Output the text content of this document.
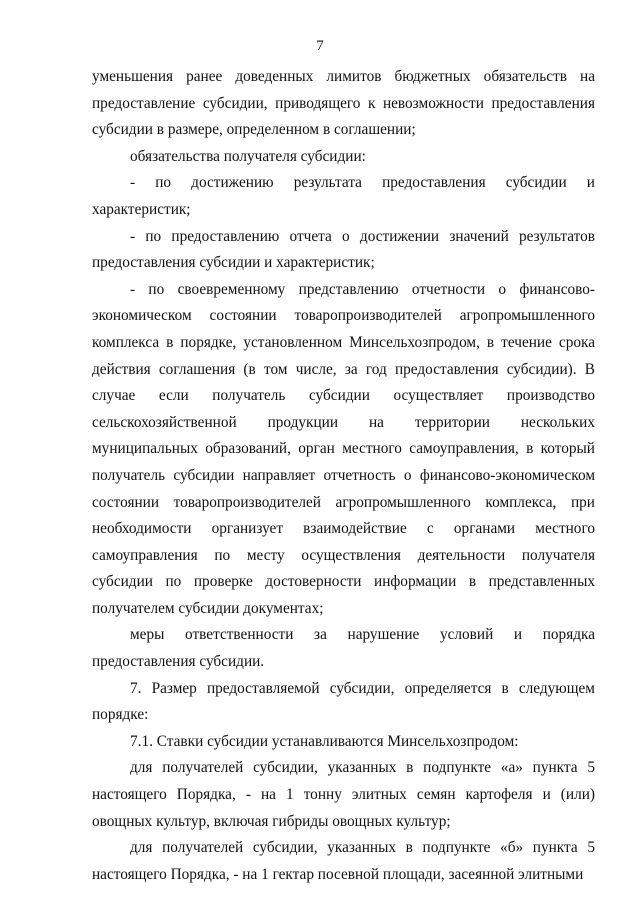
7

уменьшения ранее доведенных лимитов бюджетных обязательств на предоставление субсидии, приводящего к невозможности предоставления субсидии в размере, определенном в соглашении;

обязательства получателя субсидии:

- по достижению результата предоставления субсидии и характеристик;

- по предоставлению отчета о достижении значений результатов предоставления субсидии и характеристик;

- по своевременному представлению отчетности о финансово-экономическом состоянии товаропроизводителей агропромышленного комплекса в порядке, установленном Минсельхозпродом, в течение срока действия соглашения (в том числе, за год предоставления субсидии). В случае если получатель субсидии осуществляет производство сельскохозяйственной продукции на территории нескольких муниципальных образований, орган местного самоуправления, в который получатель субсидии направляет отчетность о финансово-экономическом состоянии товаропроизводителей агропромышленного комплекса, при необходимости организует взаимодействие с органами местного самоуправления по месту осуществления деятельности получателя субсидии по проверке достоверности информации в представленных получателем субсидии документах;

меры ответственности за нарушение условий и порядка предоставления субсидии.

7. Размер предоставляемой субсидии, определяется в следующем порядке:

7.1. Ставки субсидии устанавливаются Минсельхозпродом:

для получателей субсидии, указанных в подпункте «а» пункта 5 настоящего Порядка, - на 1 тонну элитных семян картофеля и (или) овощных культур, включая гибриды овощных культур;

для получателей субсидии, указанных в подпункте «б» пункта 5 настоящего Порядка, - на 1 гектар посевной площади, засеянной элитными
